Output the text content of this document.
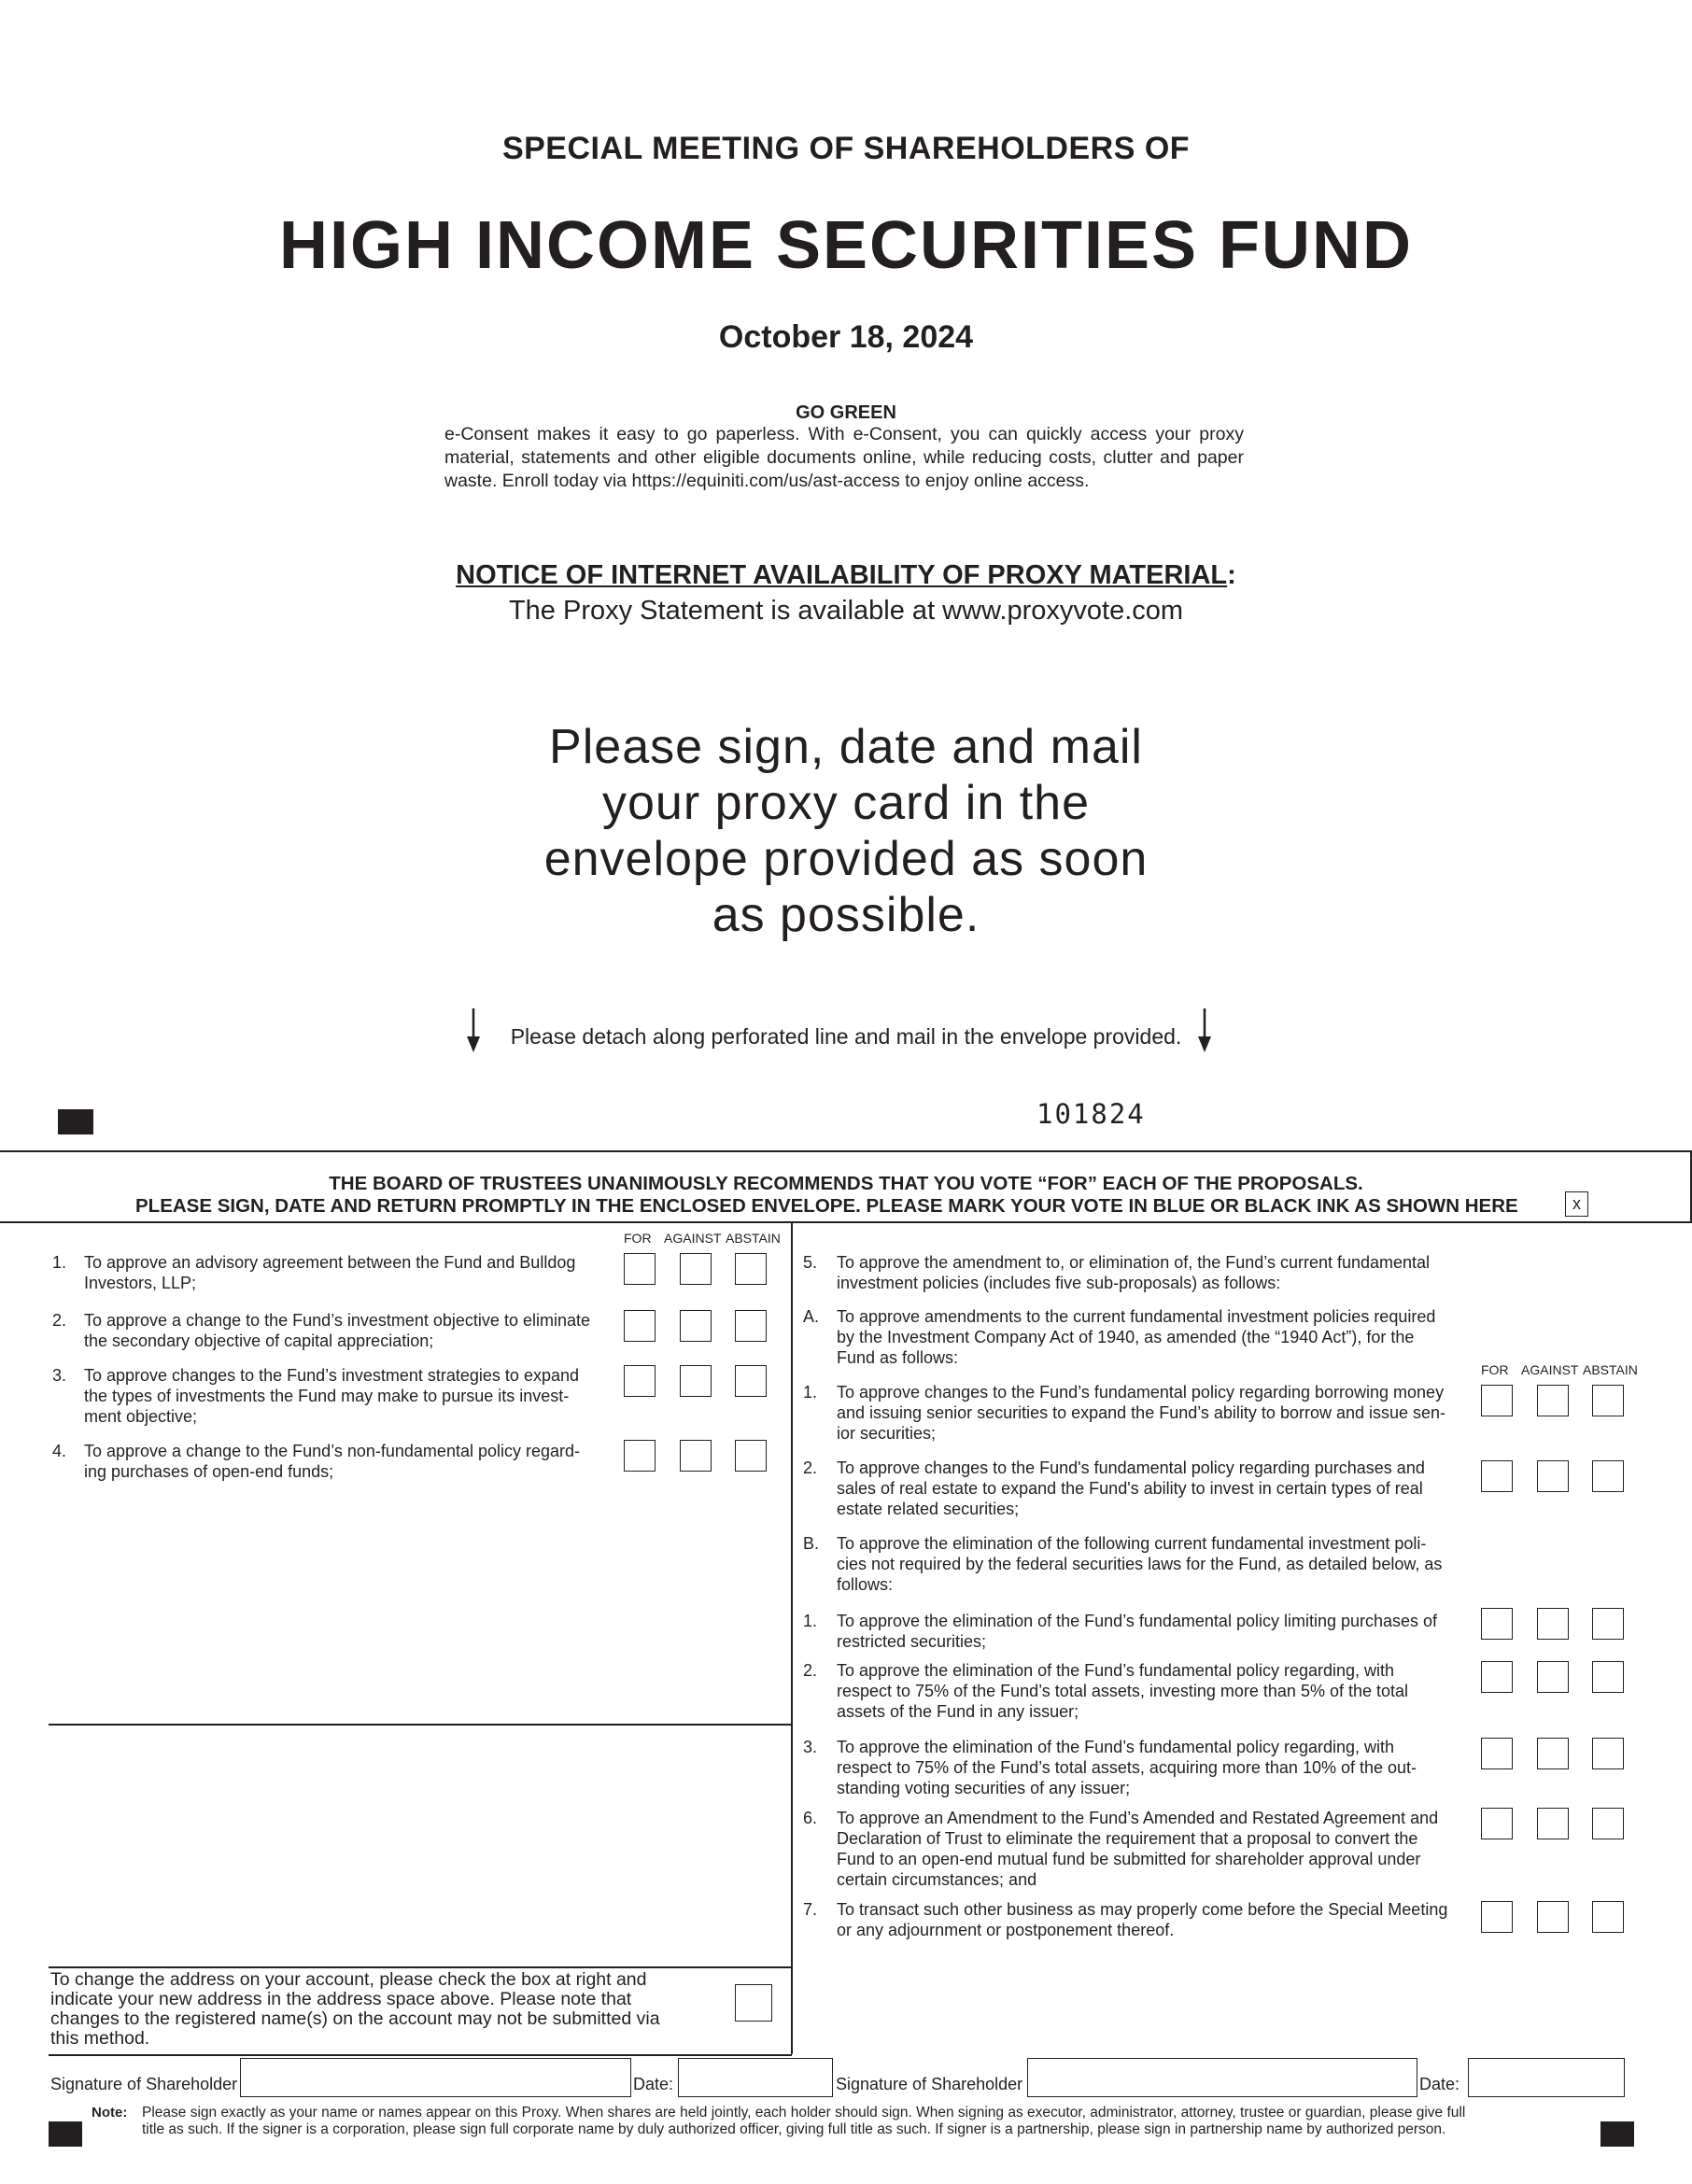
SPECIAL MEETING OF SHAREHOLDERS OF
HIGH INCOME SECURITIES FUND
October 18, 2024
GO GREEN
e-Consent makes it easy to go paperless. With e-Consent, you can quickly access your proxy material, statements and other eligible documents online, while reducing costs, clutter and paper waste. Enroll today via https://equiniti.com/us/ast-access to enjoy online access.
NOTICE OF INTERNET AVAILABILITY OF PROXY MATERIAL:
The Proxy Statement is available at www.proxyvote.com
Please sign, date and mail
your proxy card in the
envelope provided as soon
as possible.
Please detach along perforated line and mail in the envelope provided.
101824
THE BOARD OF TRUSTEES UNANIMOUSLY RECOMMENDS THAT YOU VOTE “FOR” EACH OF THE PROPOSALS.
PLEASE SIGN, DATE AND RETURN PROMPTLY IN THE ENCLOSED ENVELOPE. PLEASE MARK YOUR VOTE IN BLUE OR BLACK INK AS SHOWN HERE	x
FOR AGAINST ABSTAIN
1. To approve an advisory agreement between the Fund and Bulldog
Investors, LLP;
2. To approve a change to the Fund’s investment objective to eliminate
the secondary objective of capital appreciation;
3. To approve changes to the Fund’s investment strategies to expand
the types of investments the Fund may make to pursue its invest-
ment objective;
4. To approve a change to the Fund’s non-fundamental policy regard-
ing purchases of open-end funds;
FOR AGAINST ABSTAIN
5. To approve the amendment to, or elimination of, the Fund’s current fundamental
investment policies (includes five sub-proposals) as follows:
A. To approve amendments to the current fundamental investment policies required
by the Investment Company Act of 1940, as amended (the “1940 Act”), for the
Fund as follows:
1. To approve changes to the Fund’s fundamental policy regarding borrowing money
and issuing senior securities to expand the Fund’s ability to borrow and issue sen-
ior securities;
2. To approve changes to the Fund's fundamental policy regarding purchases and
sales of real estate to expand the Fund's ability to invest in certain types of real
estate related securities;
B. To approve the elimination of the following current fundamental investment poli-
cies not required by the federal securities laws for the Fund, as detailed below, as
follows:
1. To approve the elimination of the Fund’s fundamental policy limiting purchases of
restricted securities;
2. To approve the elimination of the Fund’s fundamental policy regarding, with
respect to 75% of the Fund’s total assets, investing more than 5% of the total
assets of the Fund in any issuer;
3. To approve the elimination of the Fund’s fundamental policy regarding, with
respect to 75% of the Fund’s total assets, acquiring more than 10% of the out-
standing voting securities of any issuer;
6. To approve an Amendment to the Fund’s Amended and Restated Agreement and
Declaration of Trust to eliminate the requirement that a proposal to convert the
Fund to an open-end mutual fund be submitted for shareholder approval under
certain circumstances; and
7. To transact such other business as may properly come before the Special Meeting
or any adjournment or postponement thereof.
To change the address on your account, please check the box at right and
indicate your new address in the address space above. Please note that
changes to the registered name(s) on the account may not be submitted via
this method.
Signature of Shareholder	Date:	Signature of Shareholder	Date:
Note: Please sign exactly as your name or names appear on this Proxy. When shares are held jointly, each holder should sign. When signing as executor, administrator, attorney, trustee or guardian, please give full
title as such. If the signer is a corporation, please sign full corporate name by duly authorized officer, giving full title as such. If signer is a partnership, please sign in partnership name by authorized person.
